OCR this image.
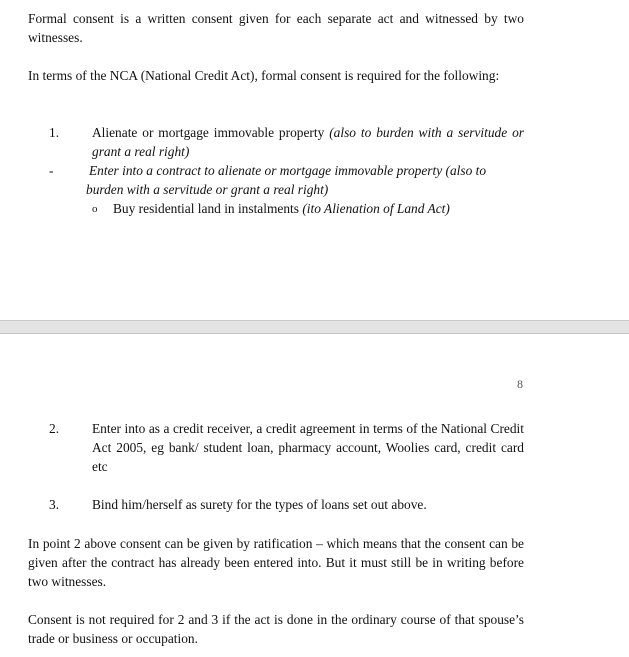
Formal consent is a written consent given for each separate act and witnessed by two witnesses.

In terms of the NCA (National Credit Act), formal consent is required for the following:

1. Alienate or mortgage immovable property (also to burden with a servitude or grant a real right)

-	Enter into a contract to alienate or mortgage immovable property (also to

burden with a servitude or grant a real right)

o Buy residential land in instalments (ito Alienation of Land Act)

8
2. Enter into as a credit receiver, a credit agreement in terms of the National Credit Act 2005, eg bank/ student loan, pharmacy account, Woolies card, credit card etc

3. Bind him/herself as surety for the types of loans set out above.

In point 2 above consent can be given by ratification – which means that the consent can be given after the contract has already been entered into. But it must still be in writing before two witnesses.

Consent is not required for 2 and 3 if the act is done in the ordinary course of that spouse’s trade or business or occupation.
